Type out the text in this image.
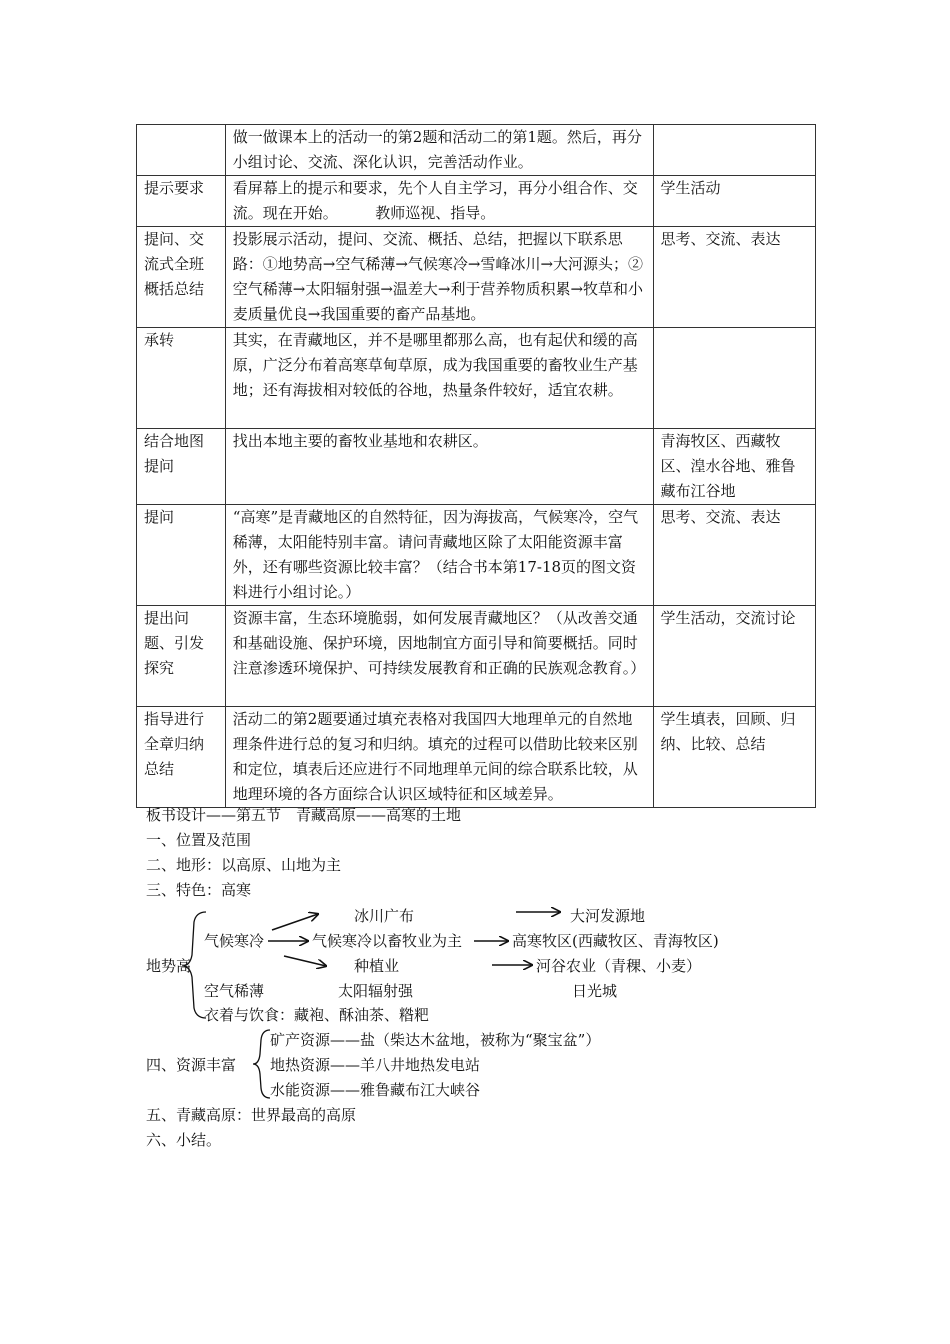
	做一做课本上的活动一的第2题和活动二的第1题。然后，再分小组讨论、交流、深化认识，完善活动作业。	
提示要求	看屏幕上的提示和要求，先个人自主学习，再分小组合作、交流。现在开始。　　　教师巡视、指导。	学生活动
提问、交流式全班概括总结	投影展示活动，提问、交流、概括、总结，把握以下联系思路：①地势高→空气稀薄→气候寒冷→雪峰冰川→大河源头；②空气稀薄→太阳辐射强→温差大→利于营养物质积累→牧草和小麦质量优良→我国重要的畜产品基地。	思考、交流、表达
承转	其实，在青藏地区，并不是哪里都那么高，也有起伏和缓的高原，广泛分布着高寒草甸草原，成为我国重要的畜牧业生产基地；还有海拔相对较低的谷地，热量条件较好，适宜农耕。	
结合地图提问	找出本地主要的畜牧业基地和农耕区。	青海牧区、西藏牧区、湟水谷地、雅鲁藏布江谷地
提问	“高寒”是青藏地区的自然特征，因为海拔高，气候寒冷，空气稀薄，太阳能特别丰富。请问青藏地区除了太阳能资源丰富外，还有哪些资源比较丰富？（结合书本第17-18页的图文资料进行小组讨论。）	思考、交流、表达
提出问题、引发探究	资源丰富，生态环境脆弱，如何发展青藏地区？（从改善交通和基础设施、保护环境，因地制宜方面引导和简要概括。同时注意渗透环境保护、可持续发展教育和正确的民族观念教育。）	学生活动，交流讨论
指导进行全章归纳总结	活动二的第2题要通过填充表格对我国四大地理单元的自然地理条件进行总的复习和归纳。填充的过程可以借助比较来区别和定位，填表后还应进行不同地理单元间的综合联系比较，从地理环境的各方面综合认识区域特征和区域差异。	学生填表，回顾、归纳、比较、总结
板书设计——第五节　青藏高原——高寒的土地
一、位置及范围
二、地形：以高原、山地为主
三、特色：高寒
地势高
气候寒冷
冰川广布	大河发源地
气候寒冷以畜牧业为主	高寒牧区(西藏牧区、青海牧区)
种植业	河谷农业（青稞、小麦）
空气稀薄	太阳辐射强	日光城
衣着与饮食：藏袍、酥油茶、糌粑
四、资源丰富
矿产资源——盐（柴达木盆地，被称为“聚宝盆”）
地热资源——羊八井地热发电站
水能资源——雅鲁藏布江大峡谷
五、青藏高原：世界最高的高原
六、小结。
